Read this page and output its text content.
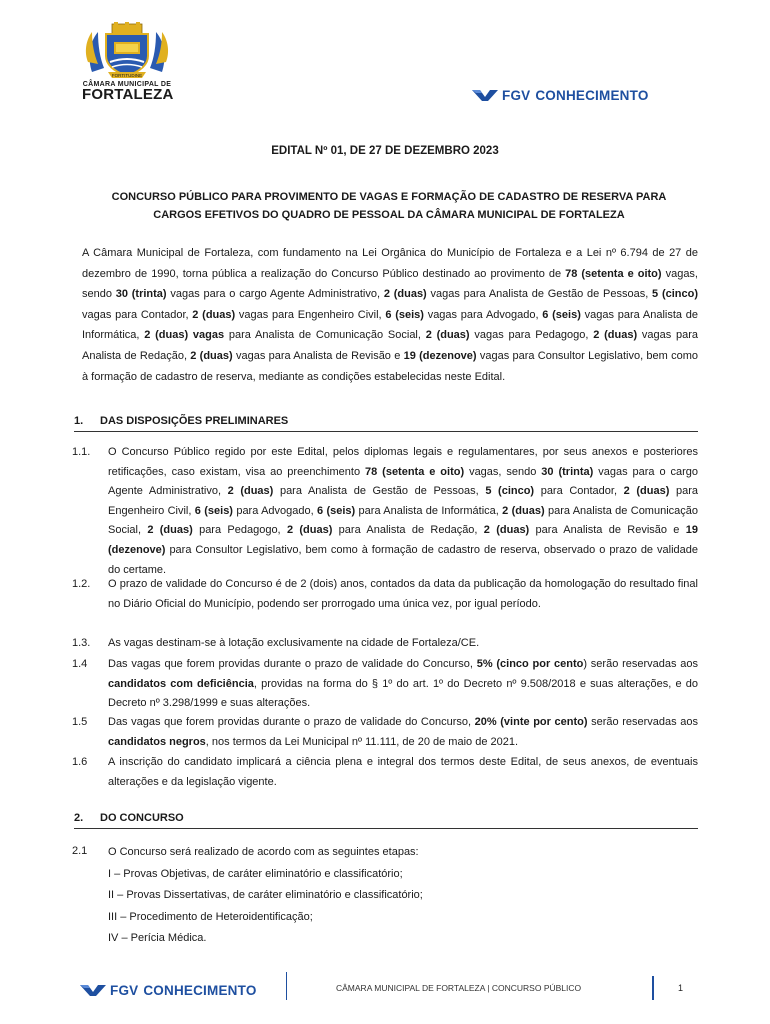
FORTITUDINE
CÂMARA MUNICIPAL DE
FORTALEZA	FGV CONHECIMENTO
EDITAL Nº 01, DE 27 DE DEZEMBRO 2023
CONCURSO PÚBLICO PARA PROVIMENTO DE VAGAS E FORMAÇÃO DE CADASTRO DE RESERVA PARA
CARGOS EFETIVOS DO QUADRO DE PESSOAL DA CÂMARA MUNICIPAL DE FORTALEZA
A Câmara Municipal de Fortaleza, com fundamento na Lei Orgânica do Município de Fortaleza e a Lei nº 6.794 de 27 de dezembro de 1990, torna pública a realização do Concurso Público destinado ao provimento de 78 (setenta e oito) vagas, sendo 30 (trinta) vagas para o cargo Agente Administrativo, 2 (duas) vagas para Analista de Gestão de Pessoas, 5 (cinco) vagas para Contador, 2 (duas) vagas para Engenheiro Civil, 6 (seis) vagas para Advogado, 6 (seis) vagas para Analista de Informática, 2 (duas) vagas para Analista de Comunicação Social, 2 (duas) vagas para Pedagogo, 2 (duas) vagas para Analista de Redação, 2 (duas) vagas para Analista de Revisão e 19 (dezenove) vagas para Consultor Legislativo, bem como à formação de cadastro de reserva, mediante as condições estabelecidas neste Edital.
1. DAS DISPOSIÇÕES PRELIMINARES
1.1.	O Concurso Público regido por este Edital, pelos diplomas legais e regulamentares, por seus anexos e posteriores retificações, caso existam, visa ao preenchimento 78 (setenta e oito) vagas, sendo 30 (trinta) vagas para o cargo Agente Administrativo, 2 (duas) para Analista de Gestão de Pessoas, 5 (cinco) para Contador, 2 (duas) para Engenheiro Civil, 6 (seis) para Advogado, 6 (seis) para Analista de Informática, 2 (duas) para Analista de Comunicação Social, 2 (duas) para Pedagogo, 2 (duas) para Analista de Redação, 2 (duas) para Analista de Revisão e 19 (dezenove) para Consultor Legislativo, bem como à formação de cadastro de reserva, observado o prazo de validade do certame.
1.2.	O prazo de validade do Concurso é de 2 (dois) anos, contados da data da publicação da homologação do resultado final no Diário Oficial do Município, podendo ser prorrogado uma única vez, por igual período.
1.3.	As vagas destinam-se à lotação exclusivamente na cidade de Fortaleza/CE.
1.4	Das vagas que forem providas durante o prazo de validade do Concurso, 5% (cinco por cento) serão reservadas aos candidatos com deficiência, providas na forma do § 1º do art. 1º do Decreto nº 9.508/2018 e suas alterações, e do Decreto nº 3.298/1999 e suas alterações.
1.5	Das vagas que forem providas durante o prazo de validade do Concurso, 20% (vinte por cento) serão reservadas aos candidatos negros, nos termos da Lei Municipal nº 11.111, de 20 de maio de 2021.
1.6	A inscrição do candidato implicará a ciência plena e integral dos termos deste Edital, de seus anexos, de eventuais alterações e da legislação vigente.
2. DO CONCURSO
2.1	O Concurso será realizado de acordo com as seguintes etapas:
I – Provas Objetivas, de caráter eliminatório e classificatório;
II – Provas Dissertativas, de caráter eliminatório e classificatório;
III – Procedimento de Heteroidentificação;
IV – Perícia Médica.
FGV CONHECIMENTO	CÂMARA MUNICIPAL DE FORTALEZA | CONCURSO PÚBLICO	1
